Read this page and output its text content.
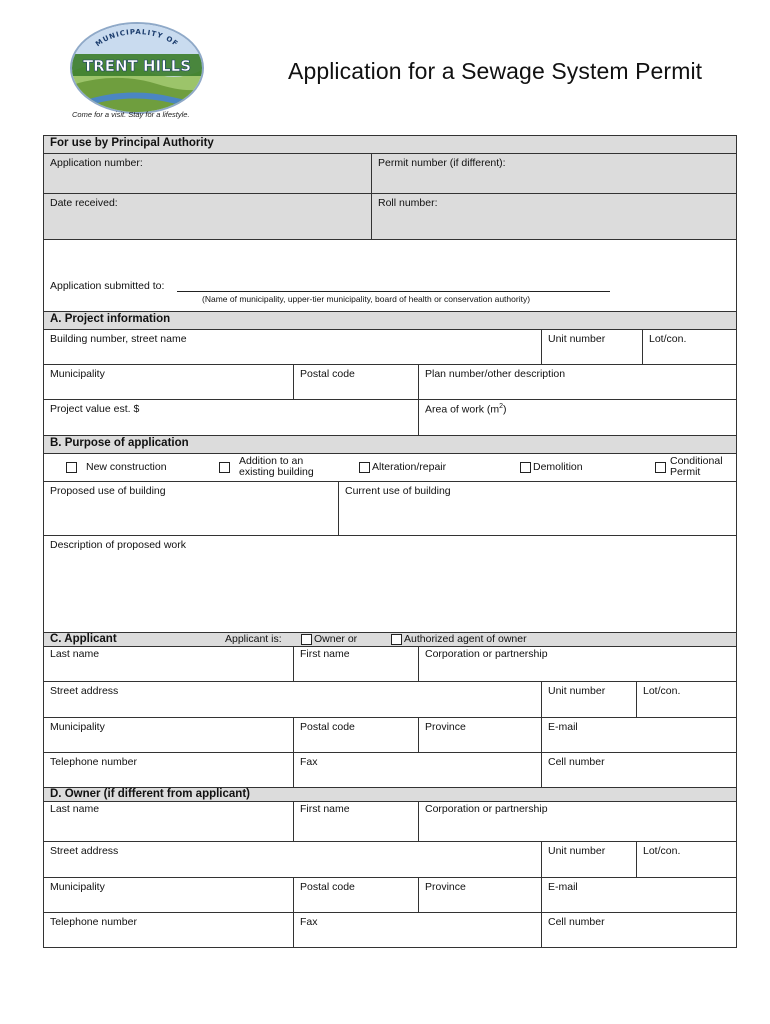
MUNICIPALITY OF
TRENT HILLS
Come for a visit. Stay for a lifestyle.
Application for a Sewage System Permit
For use by Principal Authority
Application number:	Permit number (if different):
Date received:	Roll number:
Application submitted to:
(Name of municipality, upper-tier municipality, board of health or conservation authority)
A. Project information
Building number, street name	Unit number	Lot/con.
Municipality	Postal code	Plan number/other description
Project value est. $	Area of work $(m^2)$
B. Purpose of application
New construction	Addition to an
existing building	Alteration/repair	Demolition	Conditional
Permit
Proposed use of building	Current use of building
Description of proposed work
C. Applicant	Applicant is:	Owner or	Authorized agent of owner
Last name	First name	Corporation or partnership
Street address	Unit number	Lot/con.
Municipality	Postal code	Province	E-mail
Telephone number	Fax	Cell number
D. Owner (if different from applicant)
Last name	First name	Corporation or partnership
Street address	Unit number	Lot/con.
Municipality	Postal code	Province	E-mail
Telephone number	Fax	Cell number
